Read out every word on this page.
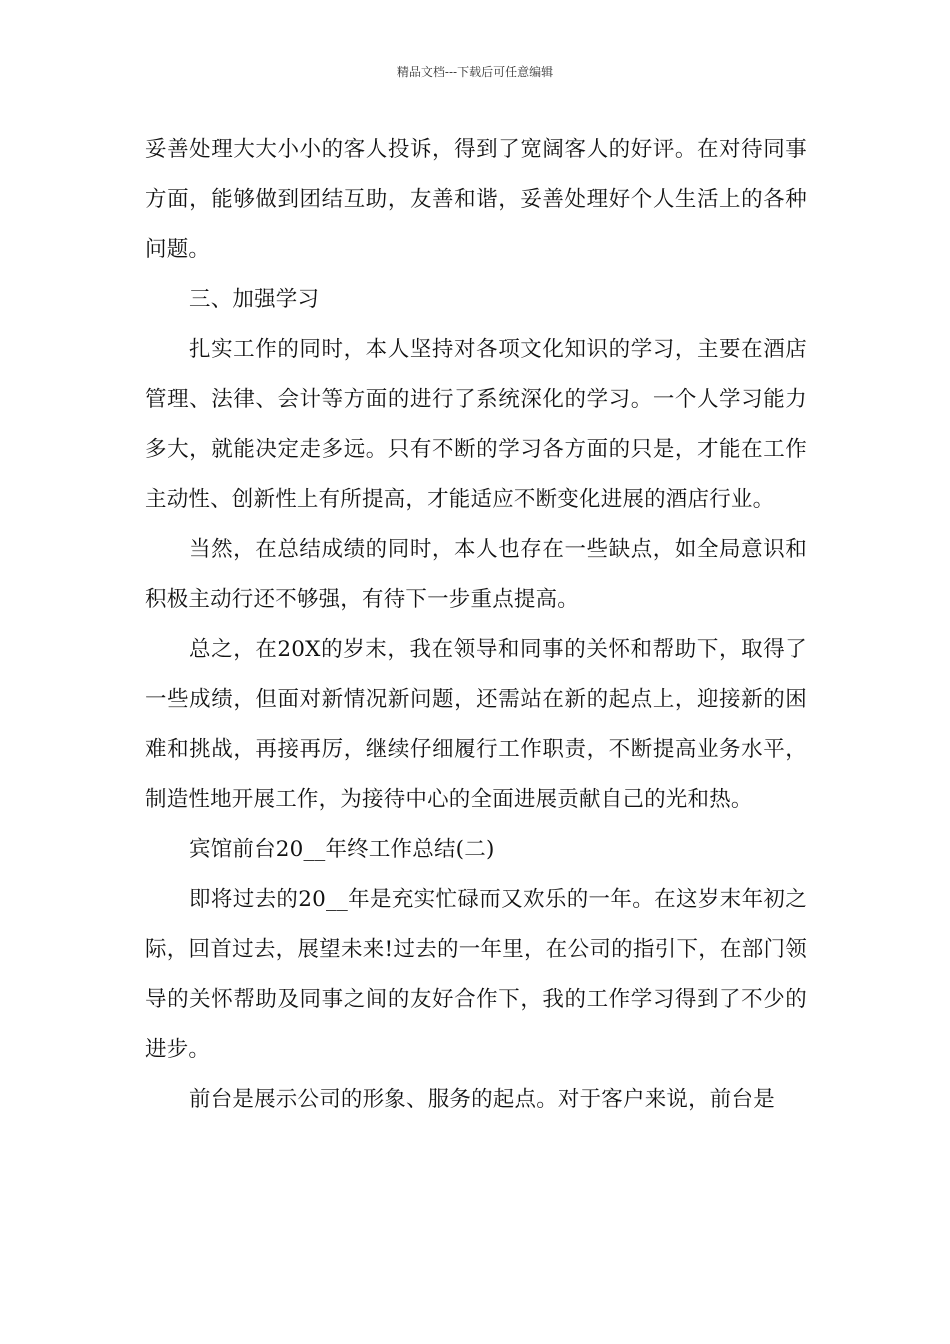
精品文档---下载后可任意编辑

妥善处理大大小小的客人投诉，得到了宽阔客人的好评。在对待同事方面，能够做到团结互助，友善和谐，妥善处理好个人生活上的各种问题。

三、加强学习

扎实工作的同时，本人坚持对各项文化知识的学习，主要在酒店管理、法律、会计等方面的进行了系统深化的学习。一个人学习能力多大，就能决定走多远。只有不断的学习各方面的只是，才能在工作主动性、创新性上有所提高，才能适应不断变化进展的酒店行业。

当然，在总结成绩的同时，本人也存在一些缺点，如全局意识和积极主动行还不够强，有待下一步重点提高。

总之，在20X的岁末，我在领导和同事的关怀和帮助下，取得了一些成绩，但面对新情况新问题，还需站在新的起点上，迎接新的困难和挑战，再接再厉，继续仔细履行工作职责，不断提高业务水平，制造性地开展工作，为接待中心的全面进展贡献自己的光和热。

宾馆前台20__年终工作总结(二)

即将过去的20__年是充实忙碌而又欢乐的一年。在这岁末年初之际，回首过去，展望未来!过去的一年里，在公司的指引下，在部门领导的关怀帮助及同事之间的友好合作下，我的工作学习得到了不少的进步。

前台是展示公司的形象、服务的起点。对于客户来说，前台是
